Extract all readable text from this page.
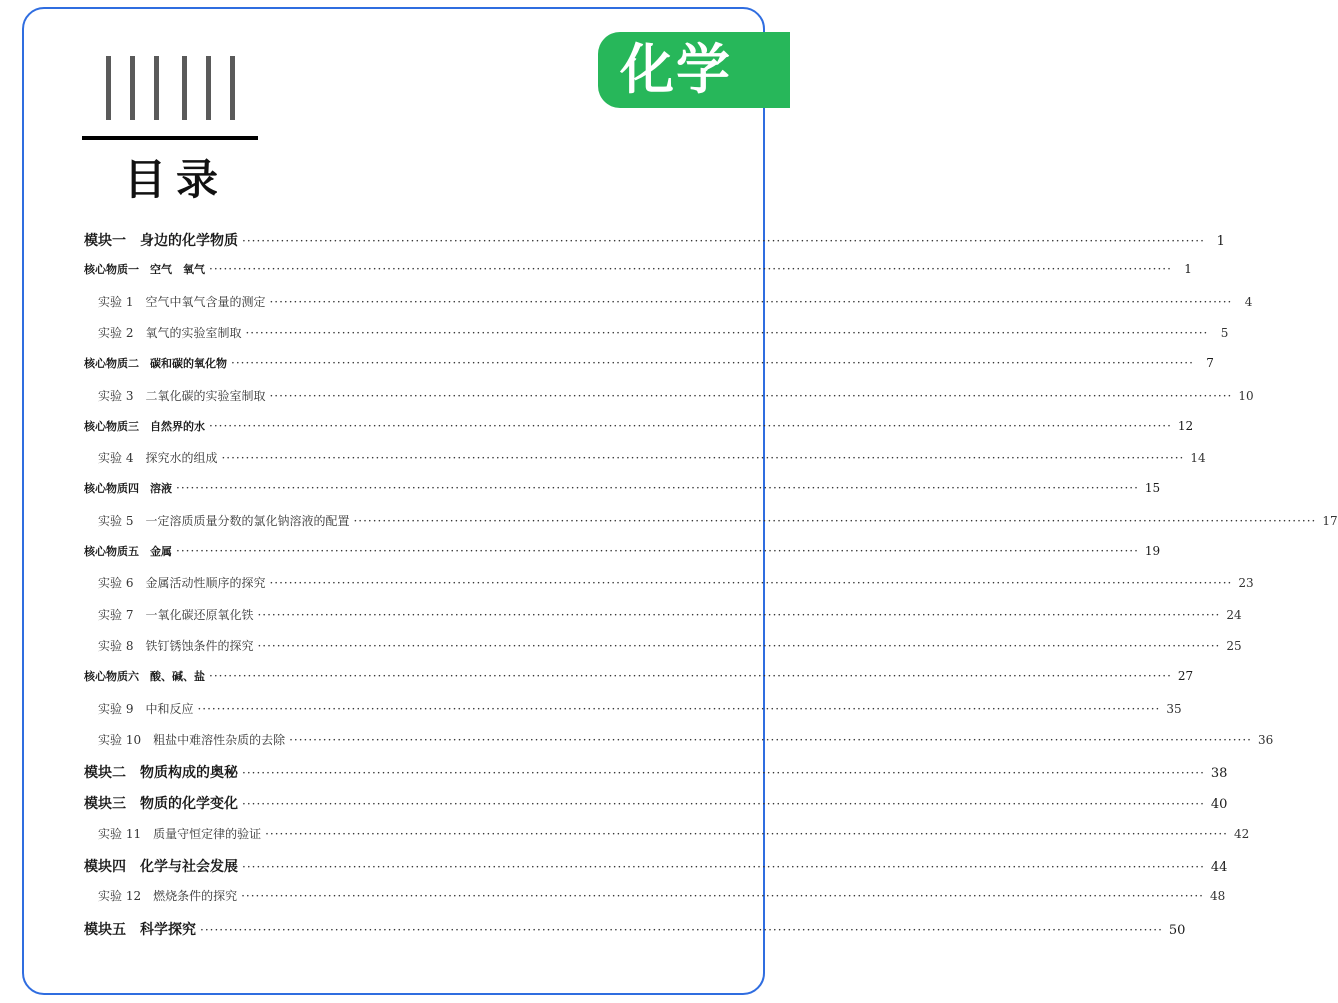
化学
目录
模块一　身边的化学物质 ········································································································································································································ 1
核心物质一　空气　氧气 ········································································································································································································	1
实验 1　空气中氧气含量的测定 ········································································································································································································	4
实验 2　氧气的实验室制取 ········································································································································································································	5
核心物质二　碳和碳的氧化物 ········································································································································································································	7
实验 3　二氧化碳的实验室制取 ········································································································································································································ 10
核心物质三　自然界的水 ········································································································································································································ 12
实验 4　探究水的组成 ········································································································································································································ 14
核心物质四　溶液 ········································································································································································································ 15
实验 5　一定溶质质量分数的氯化钠溶液的配置 ········································································································································································································ 17
核心物质五　金属 ········································································································································································································ 19
实验 6　金属活动性顺序的探究 ········································································································································································································ 23
实验 7　一氧化碳还原氧化铁 ········································································································································································································ 24
实验 8　铁钉锈蚀条件的探究 ········································································································································································································ 25
核心物质六　酸、碱、盐 ········································································································································································································ 27
实验 9　中和反应 ········································································································································································································ 35
实验 10　粗盐中难溶性杂质的去除 ········································································································································································································ 36
模块二　物质构成的奥秘 ········································································································································································································ 38
模块三　物质的化学变化 ········································································································································································································ 40
实验 11　质量守恒定律的验证 ········································································································································································································ 42
模块四　化学与社会发展 ········································································································································································································ 44
实验 12　燃烧条件的探究 ········································································································································································································ 48
模块五　科学探究 ········································································································································································································ 50
